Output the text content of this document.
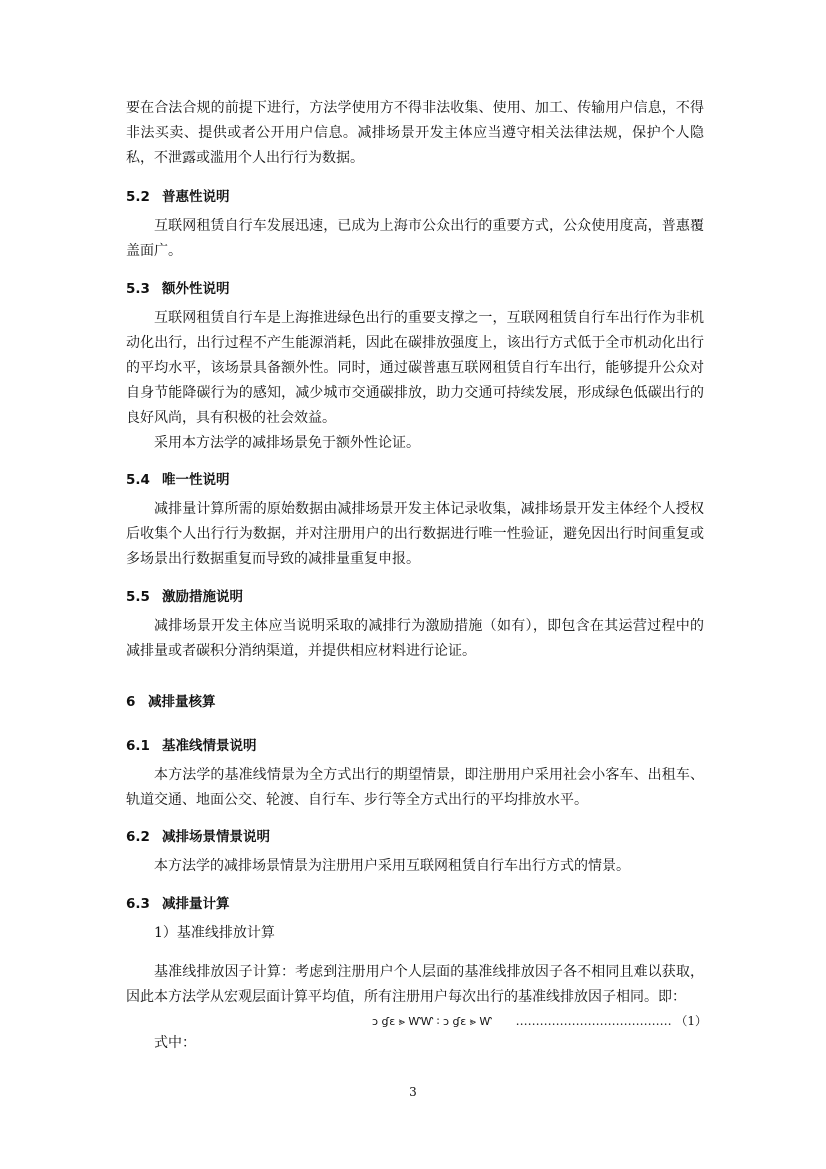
要在合法合规的前提下进行，方法学使用方不得非法收集、使用、加工、传输用户信息，不得非法买卖、提供或者公开用户信息。减排场景开发主体应当遵守相关法律法规，保护个人隐私，不泄露或滥用个人出行行为数据。

5.2 普惠性说明

互联网租赁自行车发展迅速，已成为上海市公众出行的重要方式，公众使用度高，普惠覆盖面广。

5.3 额外性说明

互联网租赁自行车是上海推进绿色出行的重要支撑之一，互联网租赁自行车出行作为非机动化出行，出行过程不产生能源消耗，因此在碳排放强度上，该出行方式低于全市机动化出行的平均水平，该场景具备额外性。同时，通过碳普惠互联网租赁自行车出行，能够提升公众对自身节能降碳行为的感知，减少城市交通碳排放，助力交通可持续发展，形成绿色低碳出行的良好风尚，具有积极的社会效益。

采用本方法学的减排场景免于额外性论证。

5.4 唯一性说明

减排量计算所需的原始数据由减排场景开发主体记录收集，减排场景开发主体经个人授权后收集个人出行行为数据，并对注册用户的出行数据进行唯一性验证，避免因出行时间重复或多场景出行数据重复而导致的减排量重复申报。

5.5 激励措施说明

减排场景开发主体应当说明采取的减排行为激励措施（如有），即包含在其运营过程中的减排量或者碳积分消纳渠道，并提供相应材料进行论证。

6 减排量核算
6.1 基准线情景说明

本方法学的基准线情景为全方式出行的期望情景，即注册用户采用社会小客车、出租车、轨道交通、地面公交、轮渡、自行车、步行等全方式出行的平均排放水平。

6.2 减排场景情景说明

本方法学的减排场景情景为注册用户采用互联网租赁自行车出行方式的情景。

6.3 减排量计算

1）基准线排放计算

基准线排放因子计算：考虑到注册用户个人层面的基准线排放因子各不相同且难以获取，因此本方法学从宏观层面计算平均值，所有注册用户每次出行的基准线排放因子相同。即：

ↄ ɠɛ ⪢ ⱲⱲ ∶ ↄ ɠɛ ⪢ Ⱳ ………………………………… （1）

式中：

3
